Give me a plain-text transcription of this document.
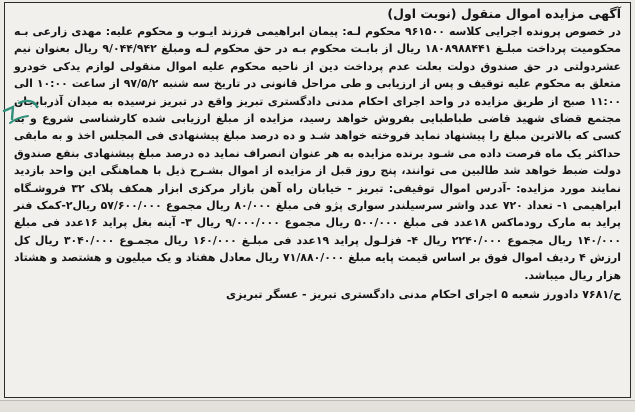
آگهی مزایده اموال منقول (نوبت اول)

در خصوص پرونده اجرایی کلاسه ۹۶۱۵۰۰ محکوم لـه: پیمان ابراهیمی فرزند ایـوب و محکوم علیه: مهدی زارعی بـه محکومیت پرداخت مبلـغ ۱۸۰۸۹۸۸۴۴۱ ریال از بابـت محکوم بـه در حق محکوم لـه ومبلغ ۹/۰۴۴/۹۴۲ ریال بعنوان نیم عشردولتی در حق صندوق دولت بعلت عدم پرداخت دین از ناحیه محکوم علیه اموال منقولی لوازم یدکی خودرو متعلق به محکوم علیه توقیف و پس از ارزیابی و طی مراحل قانونی در تاریخ سه شنبه ۹۷/۵/۲ از ساعت ۱۰:۰۰ الی ۱۱:۰۰ صبح از طریق مزایده در واحد اجرای احکام مدنی دادگستری تبریز واقع در تبریز نرسیده به میدان آذربایجان مجتمع قضای شهید قاضی طباطبایی بفروش خواهد رسید، مزایده از مبلغ ارزیابی شده کارشناسی شروع و به کسی که بالاترین مبلغ را پیشنهاد نماید فروخته خواهد شـد و ده درصد مبلغ پیشنهادی فی المجلس اخذ و به مابقی حداکثر یک ماه فرصت داده می شـود برنده مزایده به هر عنوان انصراف نماید ده درصد مبلغ پیشنهادی بنفع صندوق دولت ضبط خواهد شد طالبین می توانند، پنج روز قبل از مزایده از اموال بشـرح ذیل با هماهنگی این واحد بازدید نمایند مورد مزایده: -آدرس اموال توقیفی: تبریز - خیابان راه آهن بازار مرکزی ابزار همکف پلاک ۳۲ فروشـگاه ابراهیمی ۱- تعداد ۷۲۰ عدد واشر سرسیلندر سواری پژو فی مبلغ ۸۰/۰۰۰ ریال مجموع ۵۷/۶۰۰/۰۰۰ ریال۲-کمک فنر پراید به مارک رودماکس ۱۸عدد فی مبلغ ۵۰۰/۰۰۰ ریال مجموع ۹/۰۰۰/۰۰۰ ریال ۳- آینه بغل پراید ۱۶عدد فی مبلغ ۱۴۰/۰۰۰ ریال مجموع ۲۲۴۰/۰۰۰ ریال ۴- فزلـول پراید ۱۹عدد فی مبلـغ ۱۶۰/۰۰۰ ریال مجمـوع ۳۰۴۰/۰۰۰ ریال کل ارزش ۴ ردیف اموال فوق بر اساس قیمت پایه مبلغ ۷۱/۸۸۰/۰۰۰ ریال معادل هفتاد و یک میلیون و هشتصد و هشتاد هزار ریال میباشد.

ح/۷۶۸۱ دادورز شعبه ۵ اجرای احکام مدنی دادگستری تبریز - عسگر تبریزی
